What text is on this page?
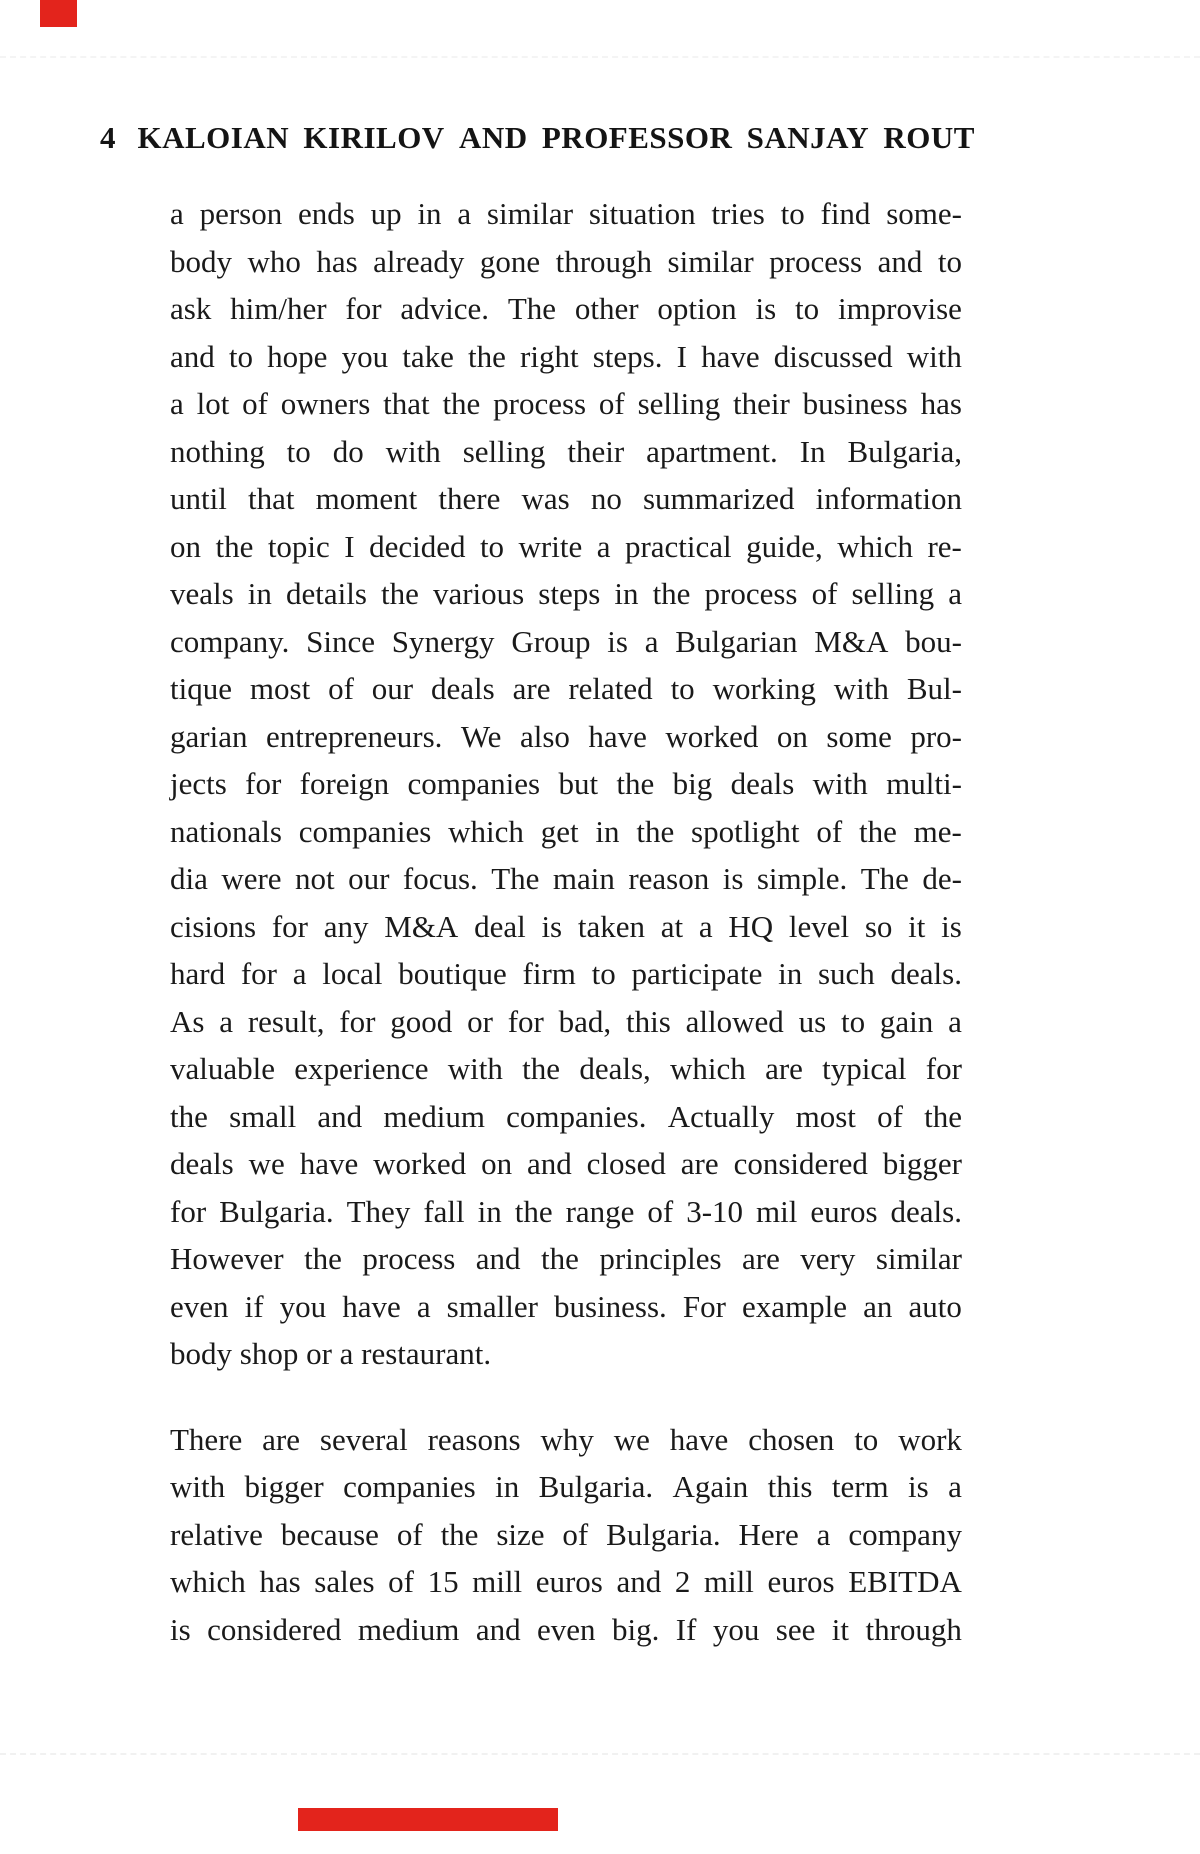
4 KALOIAN KIRILOV AND PROFESSOR SANJAY ROUT
a person ends up in a similar situation tries to find some-
body who has already gone through similar process and to
ask him/her for advice. The other option is to improvise
and to hope you take the right steps. I have discussed with
a lot of owners that the process of selling their business has
nothing to do with selling their apartment. In Bulgaria,
until that moment there was no summarized information
on the topic I decided to write a practical guide, which re-
veals in details the various steps in the process of selling a
company. Since Synergy Group is a Bulgarian M&A bou-
tique most of our deals are related to working with Bul-
garian entrepreneurs. We also have worked on some pro-
jects for foreign companies but the big deals with multi-
nationals companies which get in the spotlight of the me-
dia were not our focus. The main reason is simple. The de-
cisions for any M&A deal is taken at a HQ level so it is
hard for a local boutique firm to participate in such deals.
As a result, for good or for bad, this allowed us to gain a
valuable experience with the deals, which are typical for
the small and medium companies. Actually most of the
deals we have worked on and closed are considered bigger
for Bulgaria. They fall in the range of 3-10 mil euros deals.
However the process and the principles are very similar
even if you have a smaller business. For example an auto
body shop or a restaurant.
There are several reasons why we have chosen to work
with bigger companies in Bulgaria. Again this term is a
relative because of the size of Bulgaria. Here a company
which has sales of 15 mill euros and 2 mill euros EBITDA
is considered medium and even big. If you see it through
